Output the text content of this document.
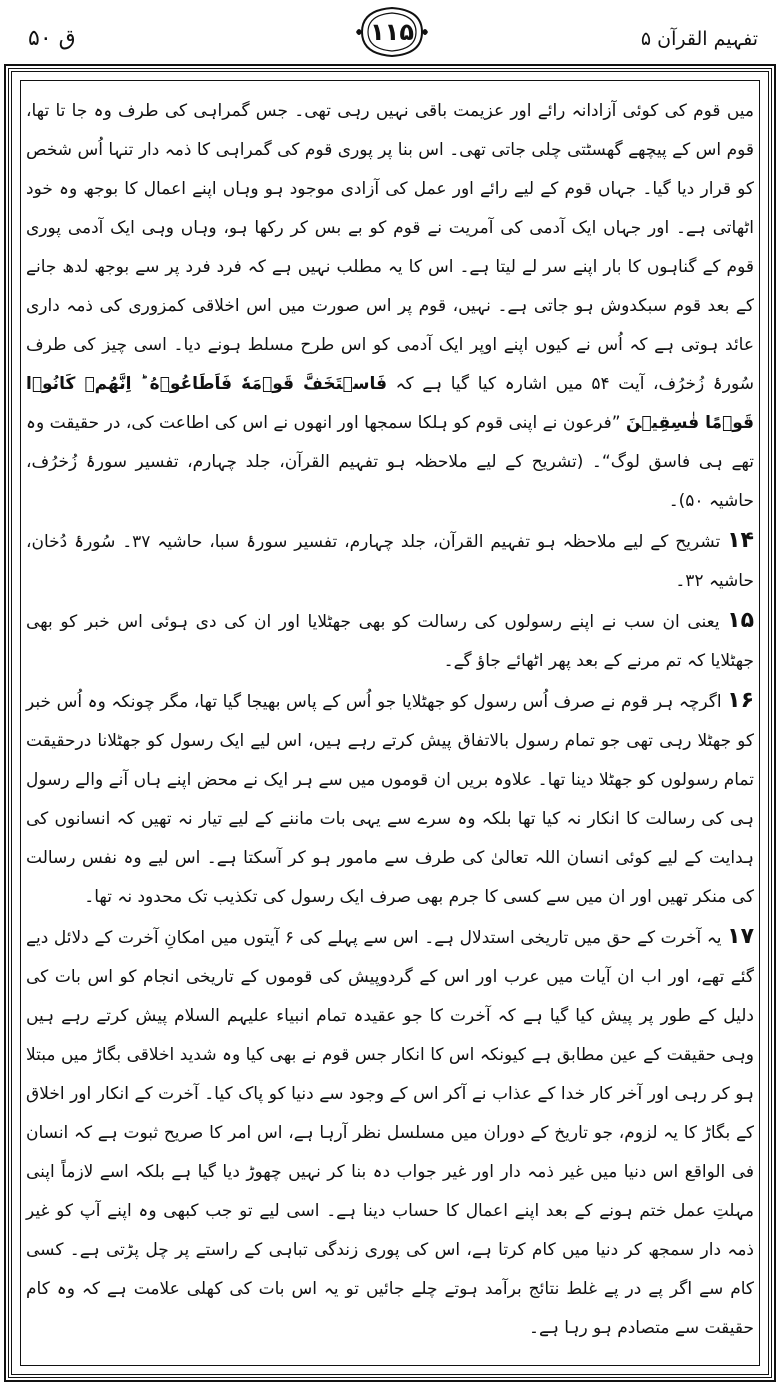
تفہیم القرآن ۵
۱۱۵
ق ۵۰

میں قوم کی کوئی آزادانہ رائے اور عزیمت باقی نہیں رہی تھی۔ جس گمراہی کی طرف وہ جا تا تھا، قوم اس کے پیچھے گھسٹتی چلی جاتی تھی۔ اس بنا پر پوری قوم کی گمراہی کا ذمہ دار تنہا اُس شخص کو قرار دیا گیا۔ جہاں قوم کے لیے رائے اور عمل کی آزادی موجود ہو وہاں اپنے اعمال کا بوجھ وہ خود اٹھاتی ہے۔ اور جہاں ایک آدمی کی آمریت نے قوم کو بے بس کر رکھا ہو، وہاں وہی ایک آدمی پوری قوم کے گناہوں کا بار اپنے سر لے لیتا ہے۔ اس کا یہ مطلب نہیں ہے کہ فرد فرد پر سے بوجھ لدھ جانے کے بعد قوم سبکدوش ہو جاتی ہے۔ نہیں، قوم پر اس صورت میں اس اخلاقی کمزوری کی ذمہ داری عائد ہوتی ہے کہ اُس نے کیوں اپنے اوپر ایک آدمی کو اس طرح مسلط ہونے دیا۔ اسی چیز کی طرف سُورۂ زُخرُف، آیت ۵۴ میں اشارہ کیا گیا ہے کہ فَاسۡتَخَفَّ قَوۡمَهٗ فَاَطَاعُوۡهُ ؕ اِنَّهُمۡ كَانُوۡا قَوۡمًا فٰسِقِيۡنَ ”فرعون نے اپنی قوم کو ہلکا سمجھا اور انھوں نے اس کی اطاعت کی، در حقیقت وہ تھے ہی فاسق لوگ“۔ (تشریح کے لیے ملاحظہ ہو تفہیم القرآن، جلد چہارم، تفسیر سورۂ زُخرُف، حاشیہ ۵۰)۔

۱۴ تشریح کے لیے ملاحظہ ہو تفہیم القرآن، جلد چہارم، تفسیر سورۂ سبا، حاشیہ ۳۷۔ سُورۂ دُخان، حاشیہ ۳۲۔

۱۵ یعنی ان سب نے اپنے رسولوں کی رسالت کو بھی جھٹلایا اور ان کی دی ہوئی اس خبر کو بھی جھٹلایا کہ تم مرنے کے بعد پھر اٹھائے جاؤ گے۔

۱۶ اگرچہ ہر قوم نے صرف اُس رسول کو جھٹلایا جو اُس کے پاس بھیجا گیا تھا، مگر چونکہ وہ اُس خبر کو جھٹلا رہی تھی جو تمام رسول بالاتفاق پیش کرتے رہے ہیں، اس لیے ایک رسول کو جھٹلانا درحقیقت تمام رسولوں کو جھٹلا دینا تھا۔ علاوہ بریں ان قوموں میں سے ہر ایک نے محض اپنے ہاں آنے والے رسول ہی کی رسالت کا انکار نہ کیا تھا بلکہ وہ سرے سے یہی بات ماننے کے لیے تیار نہ تھیں کہ انسانوں کی ہدایت کے لیے کوئی انسان اللہ تعالیٰ کی طرف سے مامور ہو کر آسکتا ہے۔ اس لیے وہ نفس رسالت کی منکر تھیں اور ان میں سے کسی کا جرم بھی صرف ایک رسول کی تکذیب تک محدود نہ تھا۔

۱۷ یہ آخرت کے حق میں تاریخی استدلال ہے۔ اس سے پہلے کی ۶ آیتوں میں امکانِ آخرت کے دلائل دیے گئے تھے، اور اب ان آیات میں عرب اور اس کے گردوپیش کی قوموں کے تاریخی انجام کو اس بات کی دلیل کے طور پر پیش کیا گیا ہے کہ آخرت کا جو عقیدہ تمام انبیاء علیہم السلام پیش کرتے رہے ہیں وہی حقیقت کے عین مطابق ہے کیونکہ اس کا انکار جس قوم نے بھی کیا وہ شدید اخلاقی بگاڑ میں مبتلا ہو کر رہی اور آخر کار خدا کے عذاب نے آکر اس کے وجود سے دنیا کو پاک کیا۔ آخرت کے انکار اور اخلاق کے بگاڑ کا یہ لزوم، جو تاریخ کے دوران میں مسلسل نظر آرہا ہے، اس امر کا صریح ثبوت ہے کہ انسان فی الواقع اس دنیا میں غیر ذمہ دار اور غیر جواب دہ بنا کر نہیں چھوڑ دیا گیا ہے بلکہ اسے لازماً اپنی مہلتِ عمل ختم ہونے کے بعد اپنے اعمال کا حساب دینا ہے۔ اسی لیے تو جب کبھی وہ اپنے آپ کو غیر ذمہ دار سمجھ کر دنیا میں کام کرتا ہے، اس کی پوری زندگی تباہی کے راستے پر چل پڑتی ہے۔ کسی کام سے اگر پے در پے غلط نتائج برآمد ہوتے چلے جائیں تو یہ اس بات کی کھلی علامت ہے کہ وہ کام حقیقت سے متصادم ہو رہا ہے۔
